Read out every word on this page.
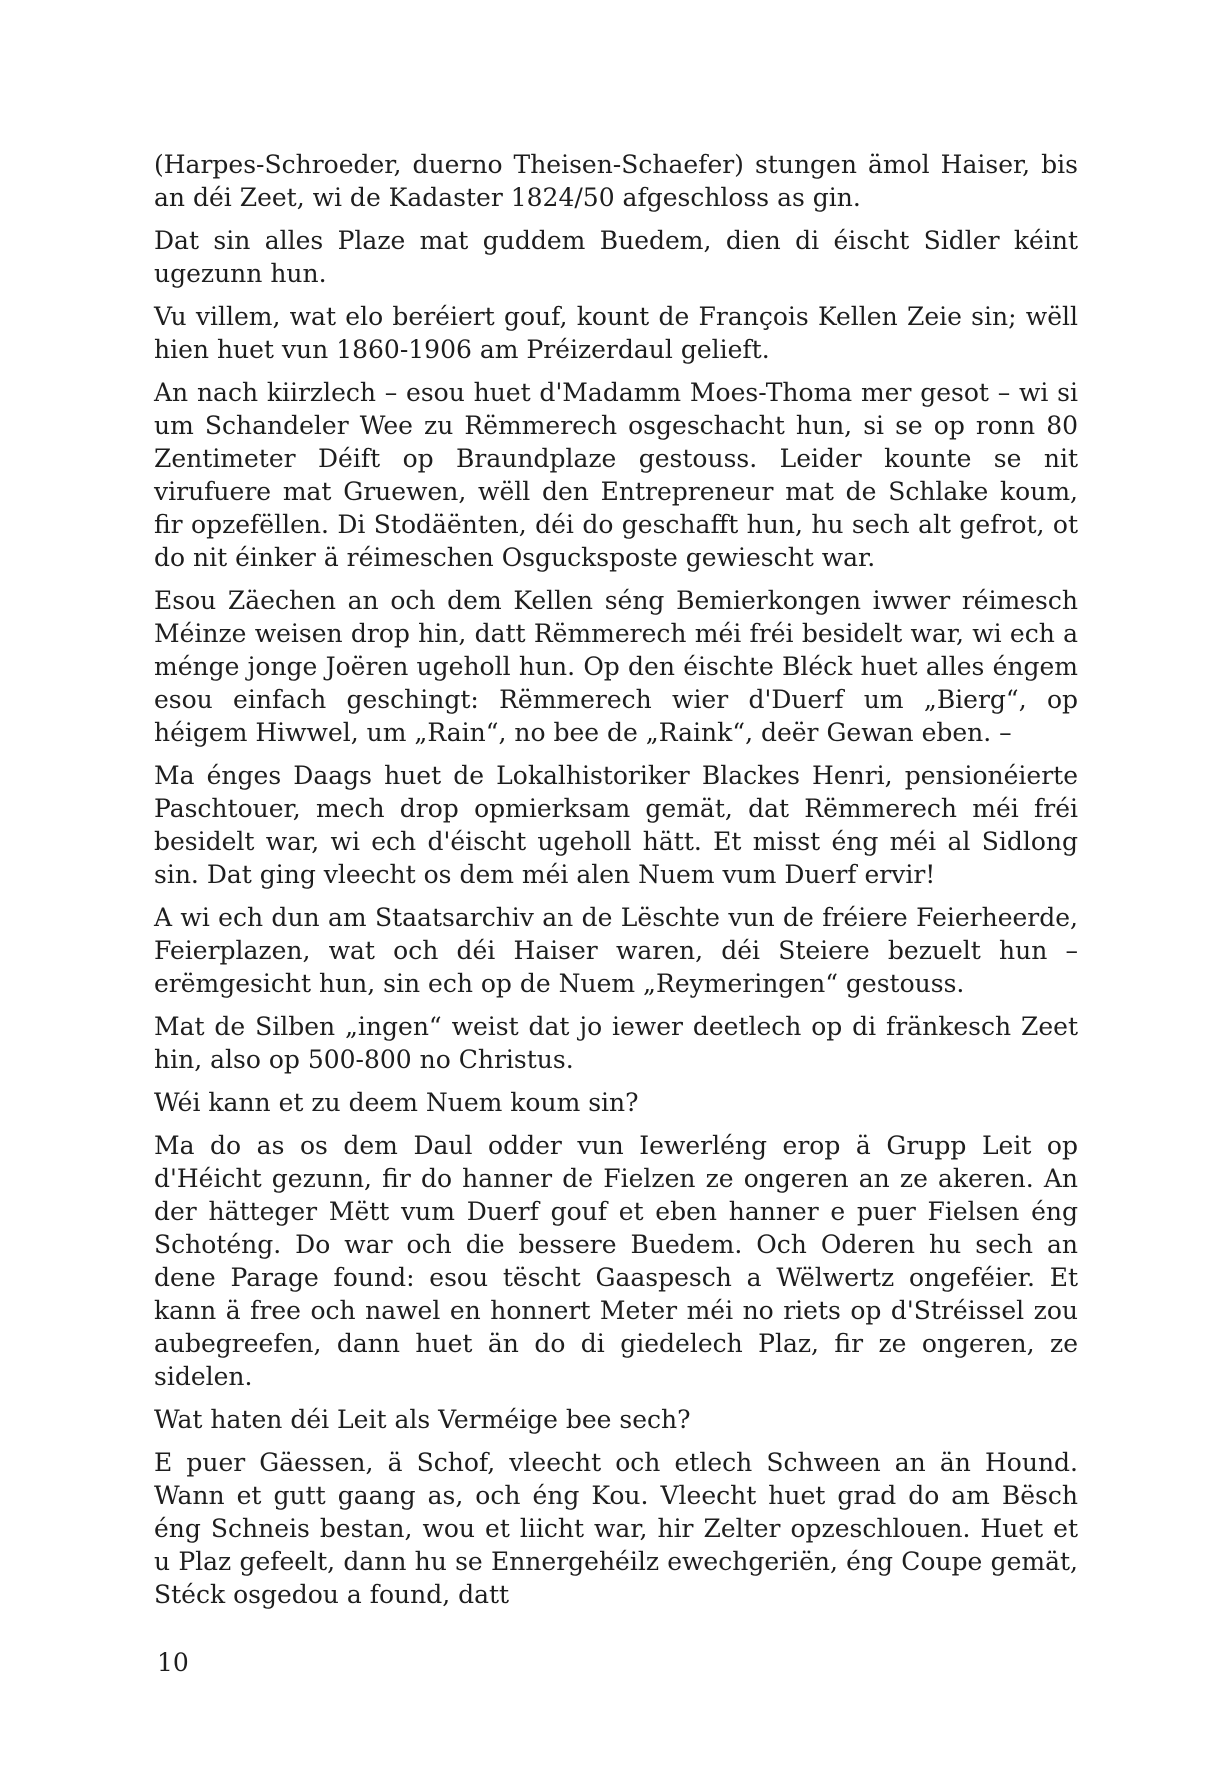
(Harpes-Schroeder, duerno Theisen-Schaefer) stungen ämol Haiser, bis an déi Zeet, wi de Kadaster 1824/50 afgeschloss as gin.

Dat sin alles Plaze mat guddem Buedem, dien di éischt Sidler kéint ugezunn hun.

Vu villem, wat elo beréiert gouf, kount de François Kellen Zeie sin; wëll hien huet vun 1860-1906 am Préizerdaul gelieft.

An nach kiirzlech – esou huet d'Madamm Moes-Thoma mer gesot – wi si um Schandeler Wee zu Rëmmerech osgeschacht hun, si se op ronn 80 Zentimeter Déift op Braundplaze gestouss. Leider kounte se nit virufuere mat Gruewen, wëll den Entrepreneur mat de Schlake koum, fir opzefëllen. Di Stodäënten, déi do geschafft hun, hu sech alt gefrot, ot do nit éinker ä réimeschen Osgucksposte gewiescht war.

Esou Zäechen an och dem Kellen séng Bemierkongen iwwer réimesch Méinze weisen drop hin, datt Rëmmerech méi fréi besidelt war, wi ech a ménge jonge Joëren ugeholl hun. Op den éischte Bléck huet alles éngem esou einfach geschingt: Rëmmerech wier d'Duerf um „Bierg“, op héigem Hiwwel, um „Rain“, no bee de „Raink“, deër Gewan eben. –

Ma énges Daags huet de Lokalhistoriker Blackes Henri, pensionéierte Paschtouer, mech drop opmierksam gemät, dat Rëmmerech méi fréi besidelt war, wi ech d'éischt ugeholl hätt. Et misst éng méi al Sidlong sin. Dat ging vleecht os dem méi alen Nuem vum Duerf ervir!

A wi ech dun am Staatsarchiv an de Lëschte vun de fréiere Feierheerde, Feierplazen, wat och déi Haiser waren, déi Steiere bezuelt hun – erëmgesicht hun, sin ech op de Nuem „Reymeringen“ gestouss.

Mat de Silben „ingen“ weist dat jo iewer deetlech op di fränkesch Zeet hin, also op 500-800 no Christus.

Wéi kann et zu deem Nuem koum sin?

Ma do as os dem Daul odder vun Iewerléng erop ä Grupp Leit op d'Héicht gezunn, fir do hanner de Fielzen ze ongeren an ze akeren. An der hätteger Mëtt vum Duerf gouf et eben hanner e puer Fielsen éng Schoténg. Do war och die bessere Buedem. Och Oderen hu sech an dene Parage found: esou tëscht Gaaspesch a Wëlwertz ongeféier. Et kann ä free och nawel en honnert Meter méi no riets op d'Stréissel zou aubegreefen, dann huet än do di giedelech Plaz, fir ze ongeren, ze sidelen.

Wat haten déi Leit als Verméige bee sech?

E puer Gäessen, ä Schof, vleecht och etlech Schween an än Hound. Wann et gutt gaang as, och éng Kou. Vleecht huet grad do am Bësch éng Schneis bestan, wou et liicht war, hir Zelter opzeschlouen. Huet et u Plaz gefeelt, dann hu se Ennergehéilz ewechgeriën, éng Coupe gemät, Stéck osgedou a found, datt

10
